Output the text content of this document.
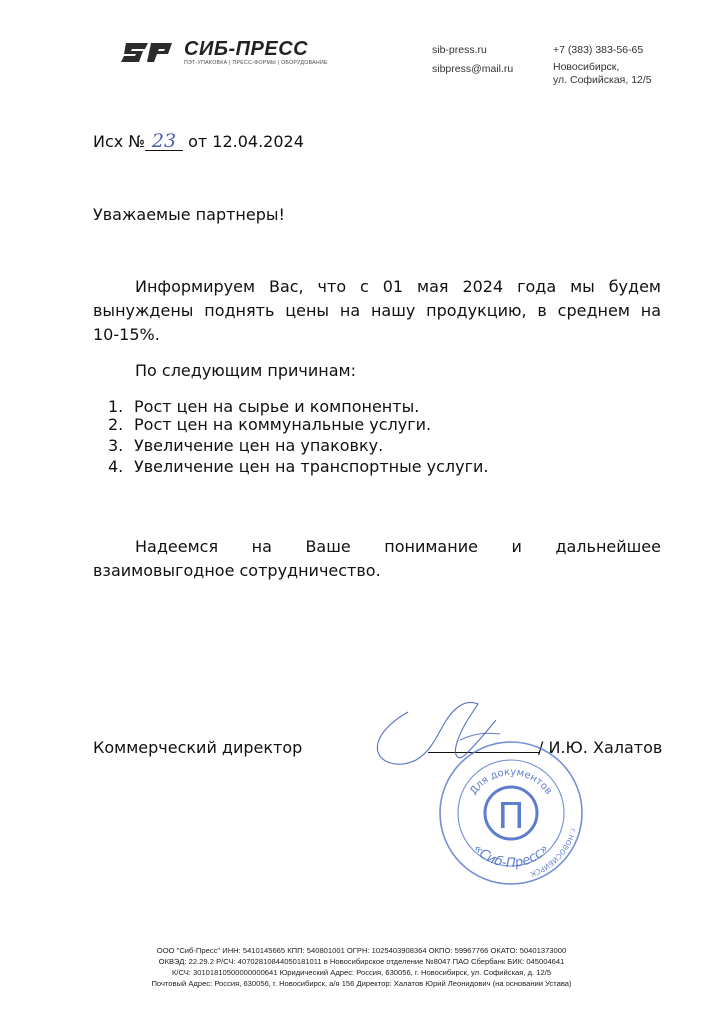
СИБ-ПРЕСС
ПЭТ-УПАКОВКА | ПРЕСС-ФОРМЫ | ОБОРУДОВАНИЕ
sib-press.ru
sibpress@mail.ru
+7 (383) 383-56-65
Новосибирск,
ул. Софийская, 12/5
Исх № 23 от 12.04.2024
Уважаемые партнеры!
Информируем Вас, что с 01 мая 2024 года мы будем
вынуждены поднять цены на нашу продукцию, в среднем на
10-15%.
По следующим причинам:
1. Рост цен на сырье и компоненты.
2. Рост цен на коммунальные услуги.
3. Увеличение цен на упаковку.
4. Увеличение цен на транспортные услуги.
Надеемся на Ваше понимание и дальнейшее
взаимовыгодное сотрудничество.
Коммерческий директор	/ И.Ю. Халатов
П
Для документов
«Сиб-Пресс»
г.НОВОСИБИРСК
ООО "Сиб-Пресс" ИНН: 5410145665 КПП: 540801001 ОГРН: 1025403908364 ОКПО: 59967766 ОКАТО: 50401373000
ОКВЭД: 22.29.2 Р/СЧ: 40702810844050181011 в Новосибирское отделение №8047 ПАО Сбербанк БИК: 045004641
К/СЧ: 30101810500000000641 Юридический Адрес: Россия, 630056, г. Новосибирск, ул. Софийская, д. 12/5
Почтовый Адрес: Россия, 630056, г. Новосибирск, а/я 156 Директор: Халатов Юрий Леонидович (на основании Устава)
